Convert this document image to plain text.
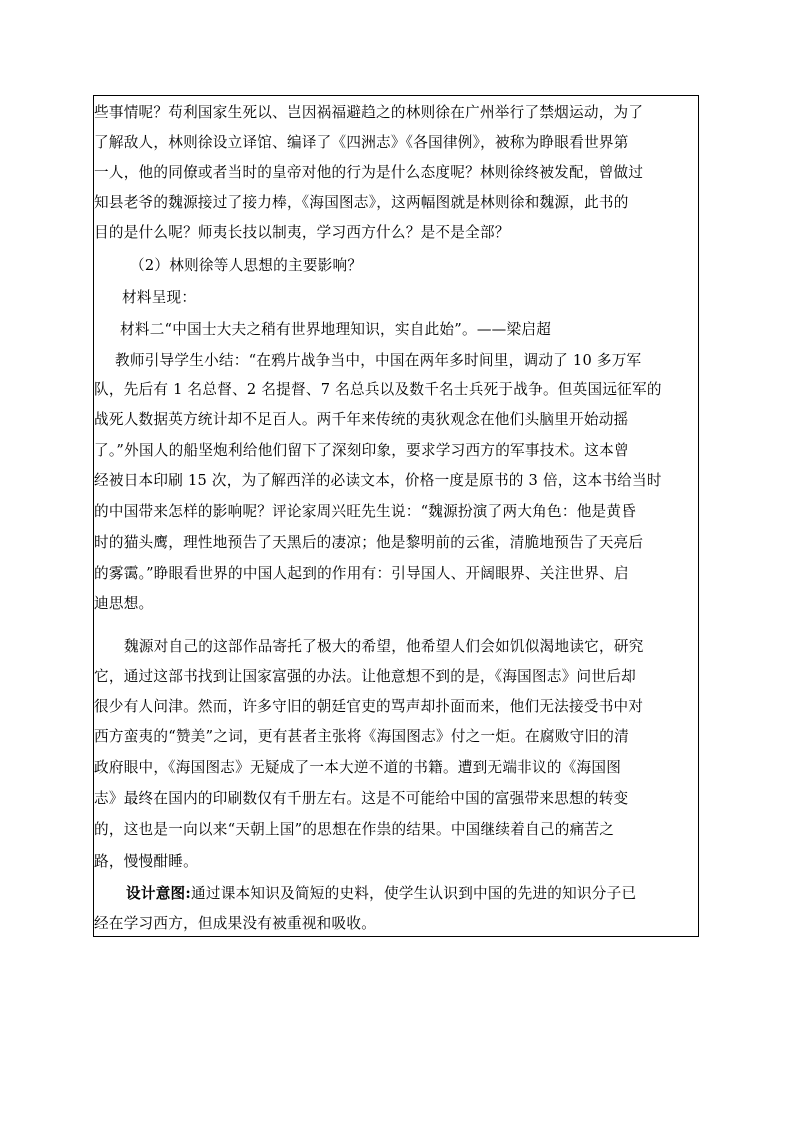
些事情呢？苟利国家生死以、岂因祸福避趋之的林则徐在广州举行了禁烟运动，为了
了解敌人，林则徐设立译馆、编译了《四洲志》《各国律例》，被称为睁眼看世界第
一人，他的同僚或者当时的皇帝对他的行为是什么态度呢？林则徐终被发配，曾做过
知县老爷的魏源接过了接力棒，《海国图志》，这两幅图就是林则徐和魏源，此书的
目的是什么呢？师夷长技以制夷，学习西方什么？是不是全部？
（2）林则徐等人思想的主要影响？
材料呈现：
材料二“中国士大夫之稍有世界地理知识，实自此始”。——梁启超
教师引导学生小结：“在鸦片战争当中，中国在两年多时间里，调动了 10 多万军
队，先后有 1 名总督、2 名提督、7 名总兵以及数千名士兵死于战争。但英国远征军的
战死人数据英方统计却不足百人。两千年来传统的夷狄观念在他们头脑里开始动摇
了。”外国人的船坚炮利给他们留下了深刻印象，要求学习西方的军事技术。这本曾
经被日本印刷 15 次，为了解西洋的必读文本，价格一度是原书的 3 倍，这本书给当时
的中国带来怎样的影响呢？评论家周兴旺先生说：“魏源扮演了两大角色：他是黄昏
时的猫头鹰，理性地预告了天黑后的凄凉；他是黎明前的云雀，清脆地预告了天亮后
的雾霭。”睁眼看世界的中国人起到的作用有：引导国人、开阔眼界、关注世界、启
迪思想。
魏源对自己的这部作品寄托了极大的希望，他希望人们会如饥似渴地读它，研究
它，通过这部书找到让国家富强的办法。让他意想不到的是，《海国图志》问世后却
很少有人问津。然而，许多守旧的朝廷官吏的骂声却扑面而来，他们无法接受书中对
西方蛮夷的“赞美”之词，更有甚者主张将《海国图志》付之一炬。在腐败守旧的清
政府眼中，《海国图志》无疑成了一本大逆不道的书籍。遭到无端非议的《海国图
志》最终在国内的印刷数仅有千册左右。这是不可能给中国的富强带来思想的转变
的，这也是一向以来“天朝上国”的思想在作祟的结果。中国继续着自己的痛苦之
路，慢慢酣睡。
设计意图:通过课本知识及简短的史料，使学生认识到中国的先进的知识分子已
经在学习西方，但成果没有被重视和吸收。
